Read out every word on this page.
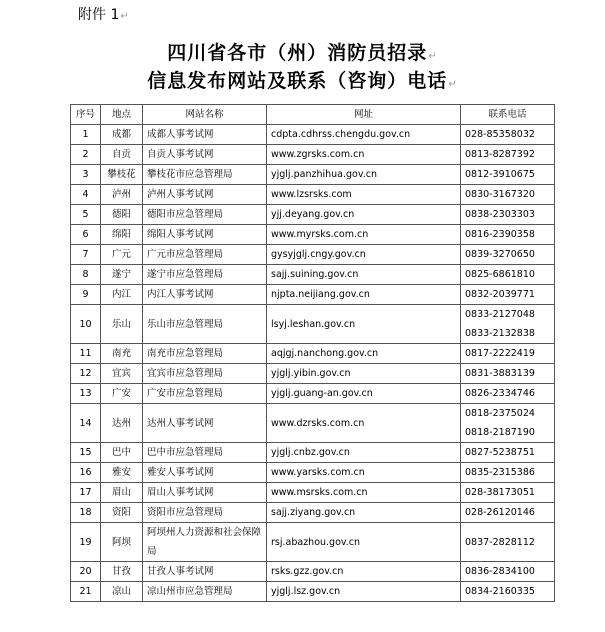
附件 1↵
四川省各市（州）消防员招录↵
信息发布网站及联系（咨询）电话↵
序号	地点	网站名称	网址	联系电话
1	成都	成都人事考试网	cdpta.cdhrss.chengdu.gov.cn	028-85358032

2	自贡	自贡人事考试网	www.zgrsks.com.cn	0813-8287392

3	攀枝花	攀枝花市应急管理局	yjglj.panzhihua.gov.cn	0812-3910675

4	泸州	泸州人事考试网	www.lzsrsks.com	0830-3167320

5	德阳	德阳市应急管理局	yjj.deyang.gov.cn	0838-2303303

6	绵阳	绵阳人事考试网	www.myrsks.com.cn	0816-2390358

7	广元	广元市应急管理局	gysyjglj.cngy.gov.cn	0839-3270650

8	遂宁	遂宁市应急管理局	sajj.suining.gov.cn	0825-6861810

9	内江	内江人事考试网	njpta.neijiang.gov.cn	0832-2039771

10	乐山	乐山市应急管理局	lsyj.leshan.gov.cn	0833-2127048
0833-2132838

11	南充	南充市应急管理局	aqjgj.nanchong.gov.cn	0817-2222419

12	宜宾	宜宾市应急管理局	yjglj.yibin.gov.cn	0831-3883139

13	广安	广安市应急管理局	yjglj.guang-an.gov.cn	0826-2334746

14	达州	达州人事考试网	www.dzrsks.com.cn	0818-2375024
0818-2187190

15	巴中	巴中市应急管理局	yjglj.cnbz.gov.cn	0827-5238751

16	雅安	雅安人事考试网	www.yarsks.com.cn	0835-2315386

17	眉山	眉山人事考试网	www.msrsks.com.cn	028-38173051

18	资阳	资阳市应急管理局	sajj.ziyang.gov.cn	028-26120146

19	阿坝	阿坝州人力资源和社会保障局	rsj.abazhou.gov.cn	0837-2828112

20	甘孜	甘孜人事考试网	rsks.gzz.gov.cn	0836-2834100

21	凉山	凉山州市应急管理局	yjglj.lsz.gov.cn	0834-2160335
